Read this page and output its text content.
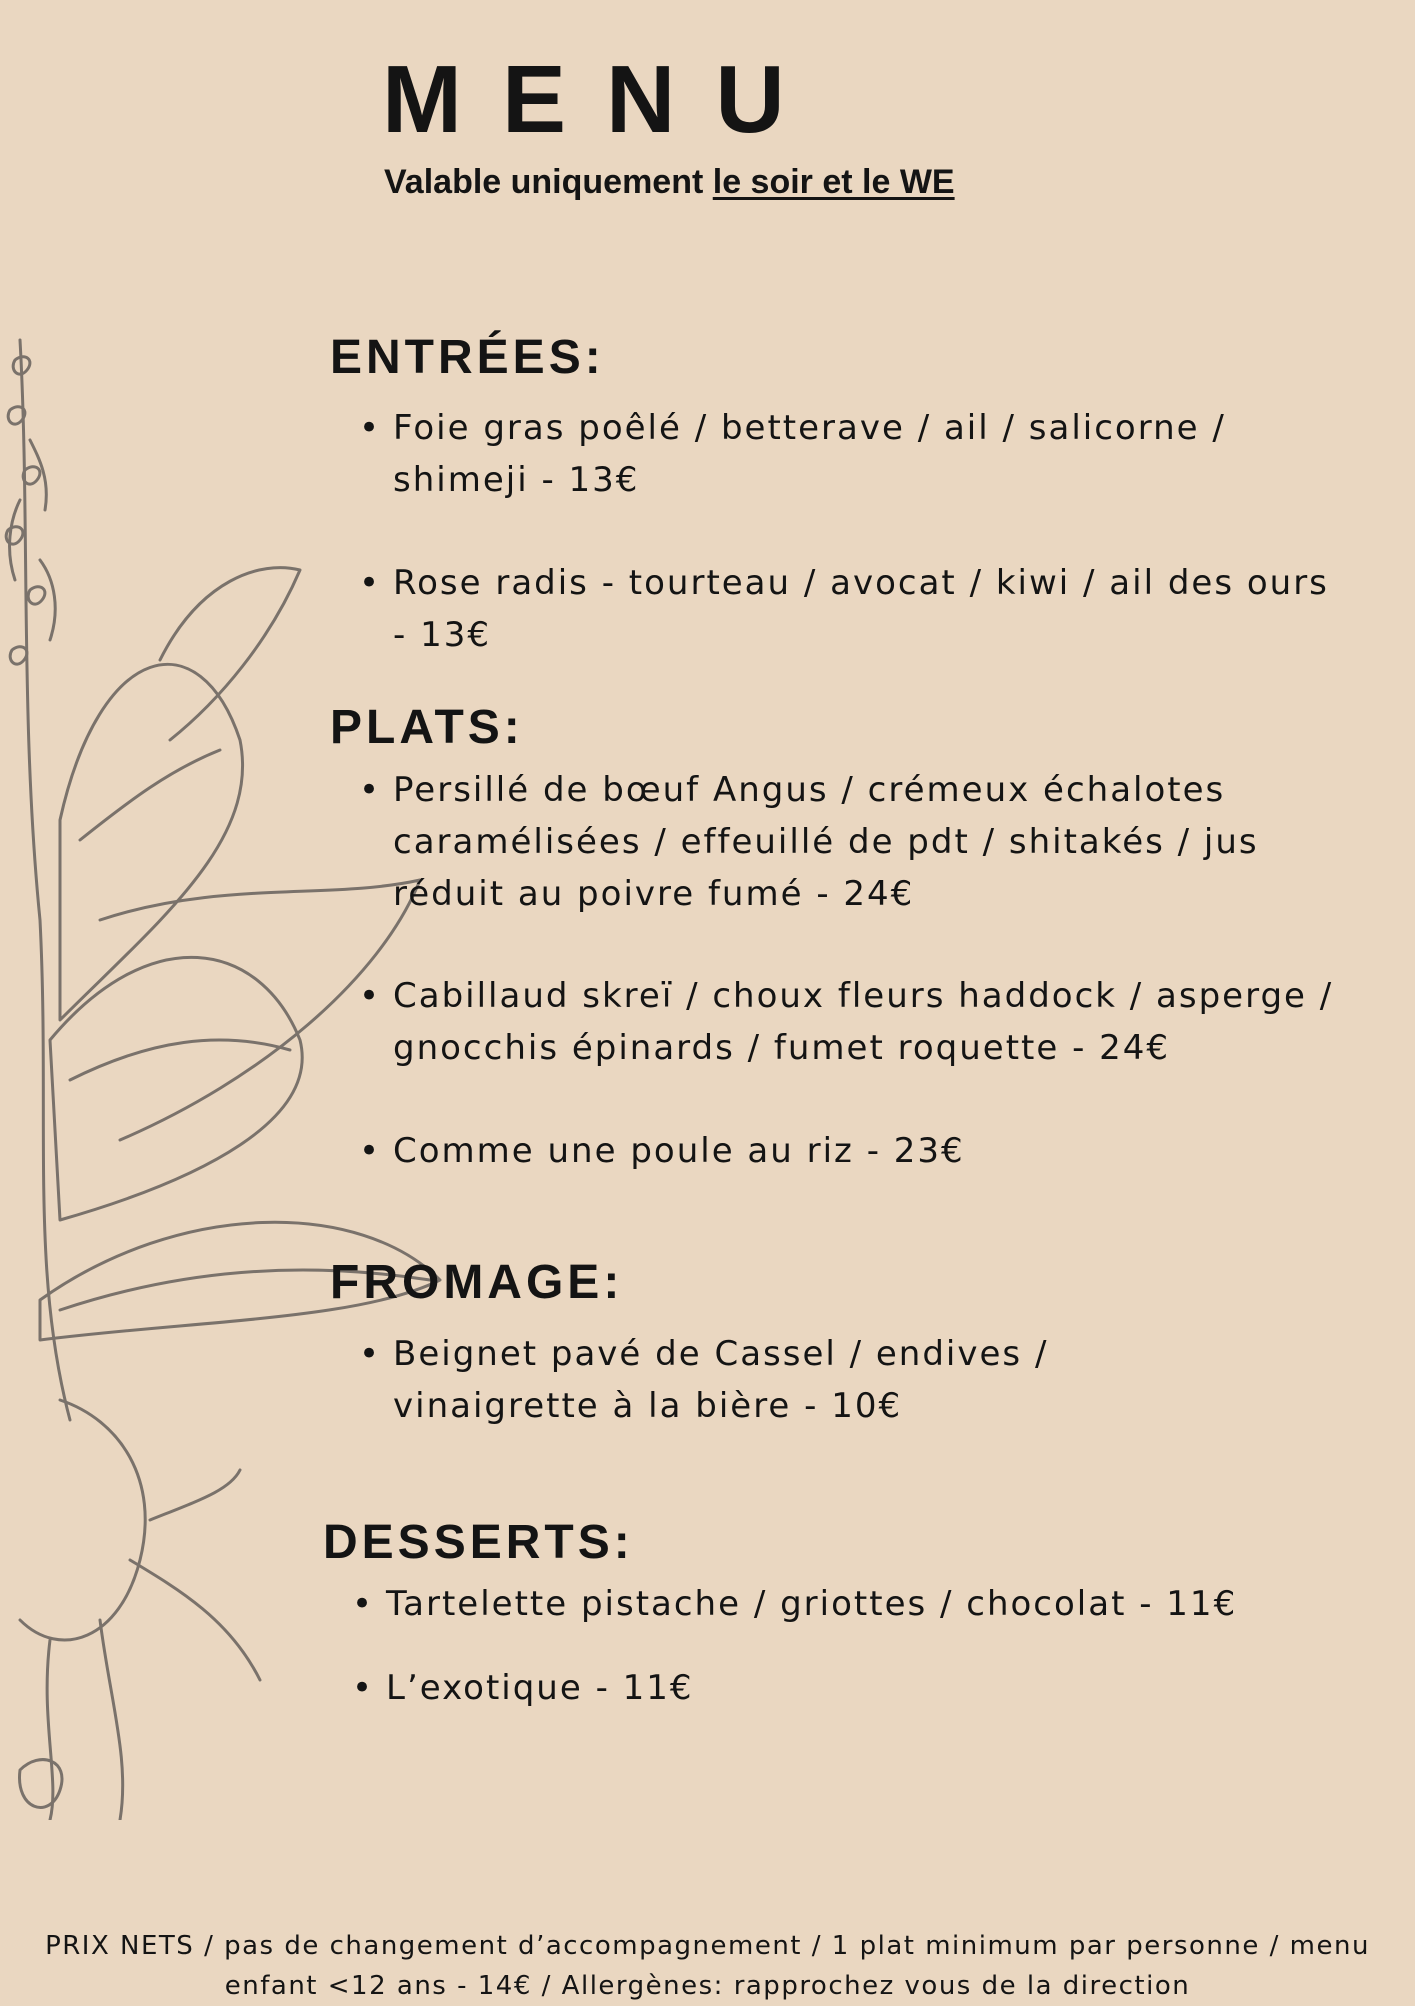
MENU

Valable uniquement le soir et le WE

ENTRÉES:
• Foie gras poêlé / betterave / ail / salicorne / shimeji - 13€
• Rose radis - tourteau / avocat / kiwi / ail des ours - 13€
PLATS:
• Persillé de bœuf Angus / crémeux échalotes caramélisées / effeuillé de pdt / shitakés / jus réduit au poivre fumé - 24€
• Cabillaud skreï / choux fleurs haddock / asperge / gnocchis épinards / fumet roquette - 24€
• Comme une poule au riz - 23€
FROMAGE:
• Beignet pavé de Cassel / endives / vinaigrette à la bière - 10€
DESSERTS:
• Tartelette pistache / griottes / chocolat - 11€
• L’exotique - 11€

PRIX NETS / pas de changement d’accompagnement / 1 plat minimum par personne / menu enfant <12 ans - 14€ / Allergènes: rapprochez vous de la direction
